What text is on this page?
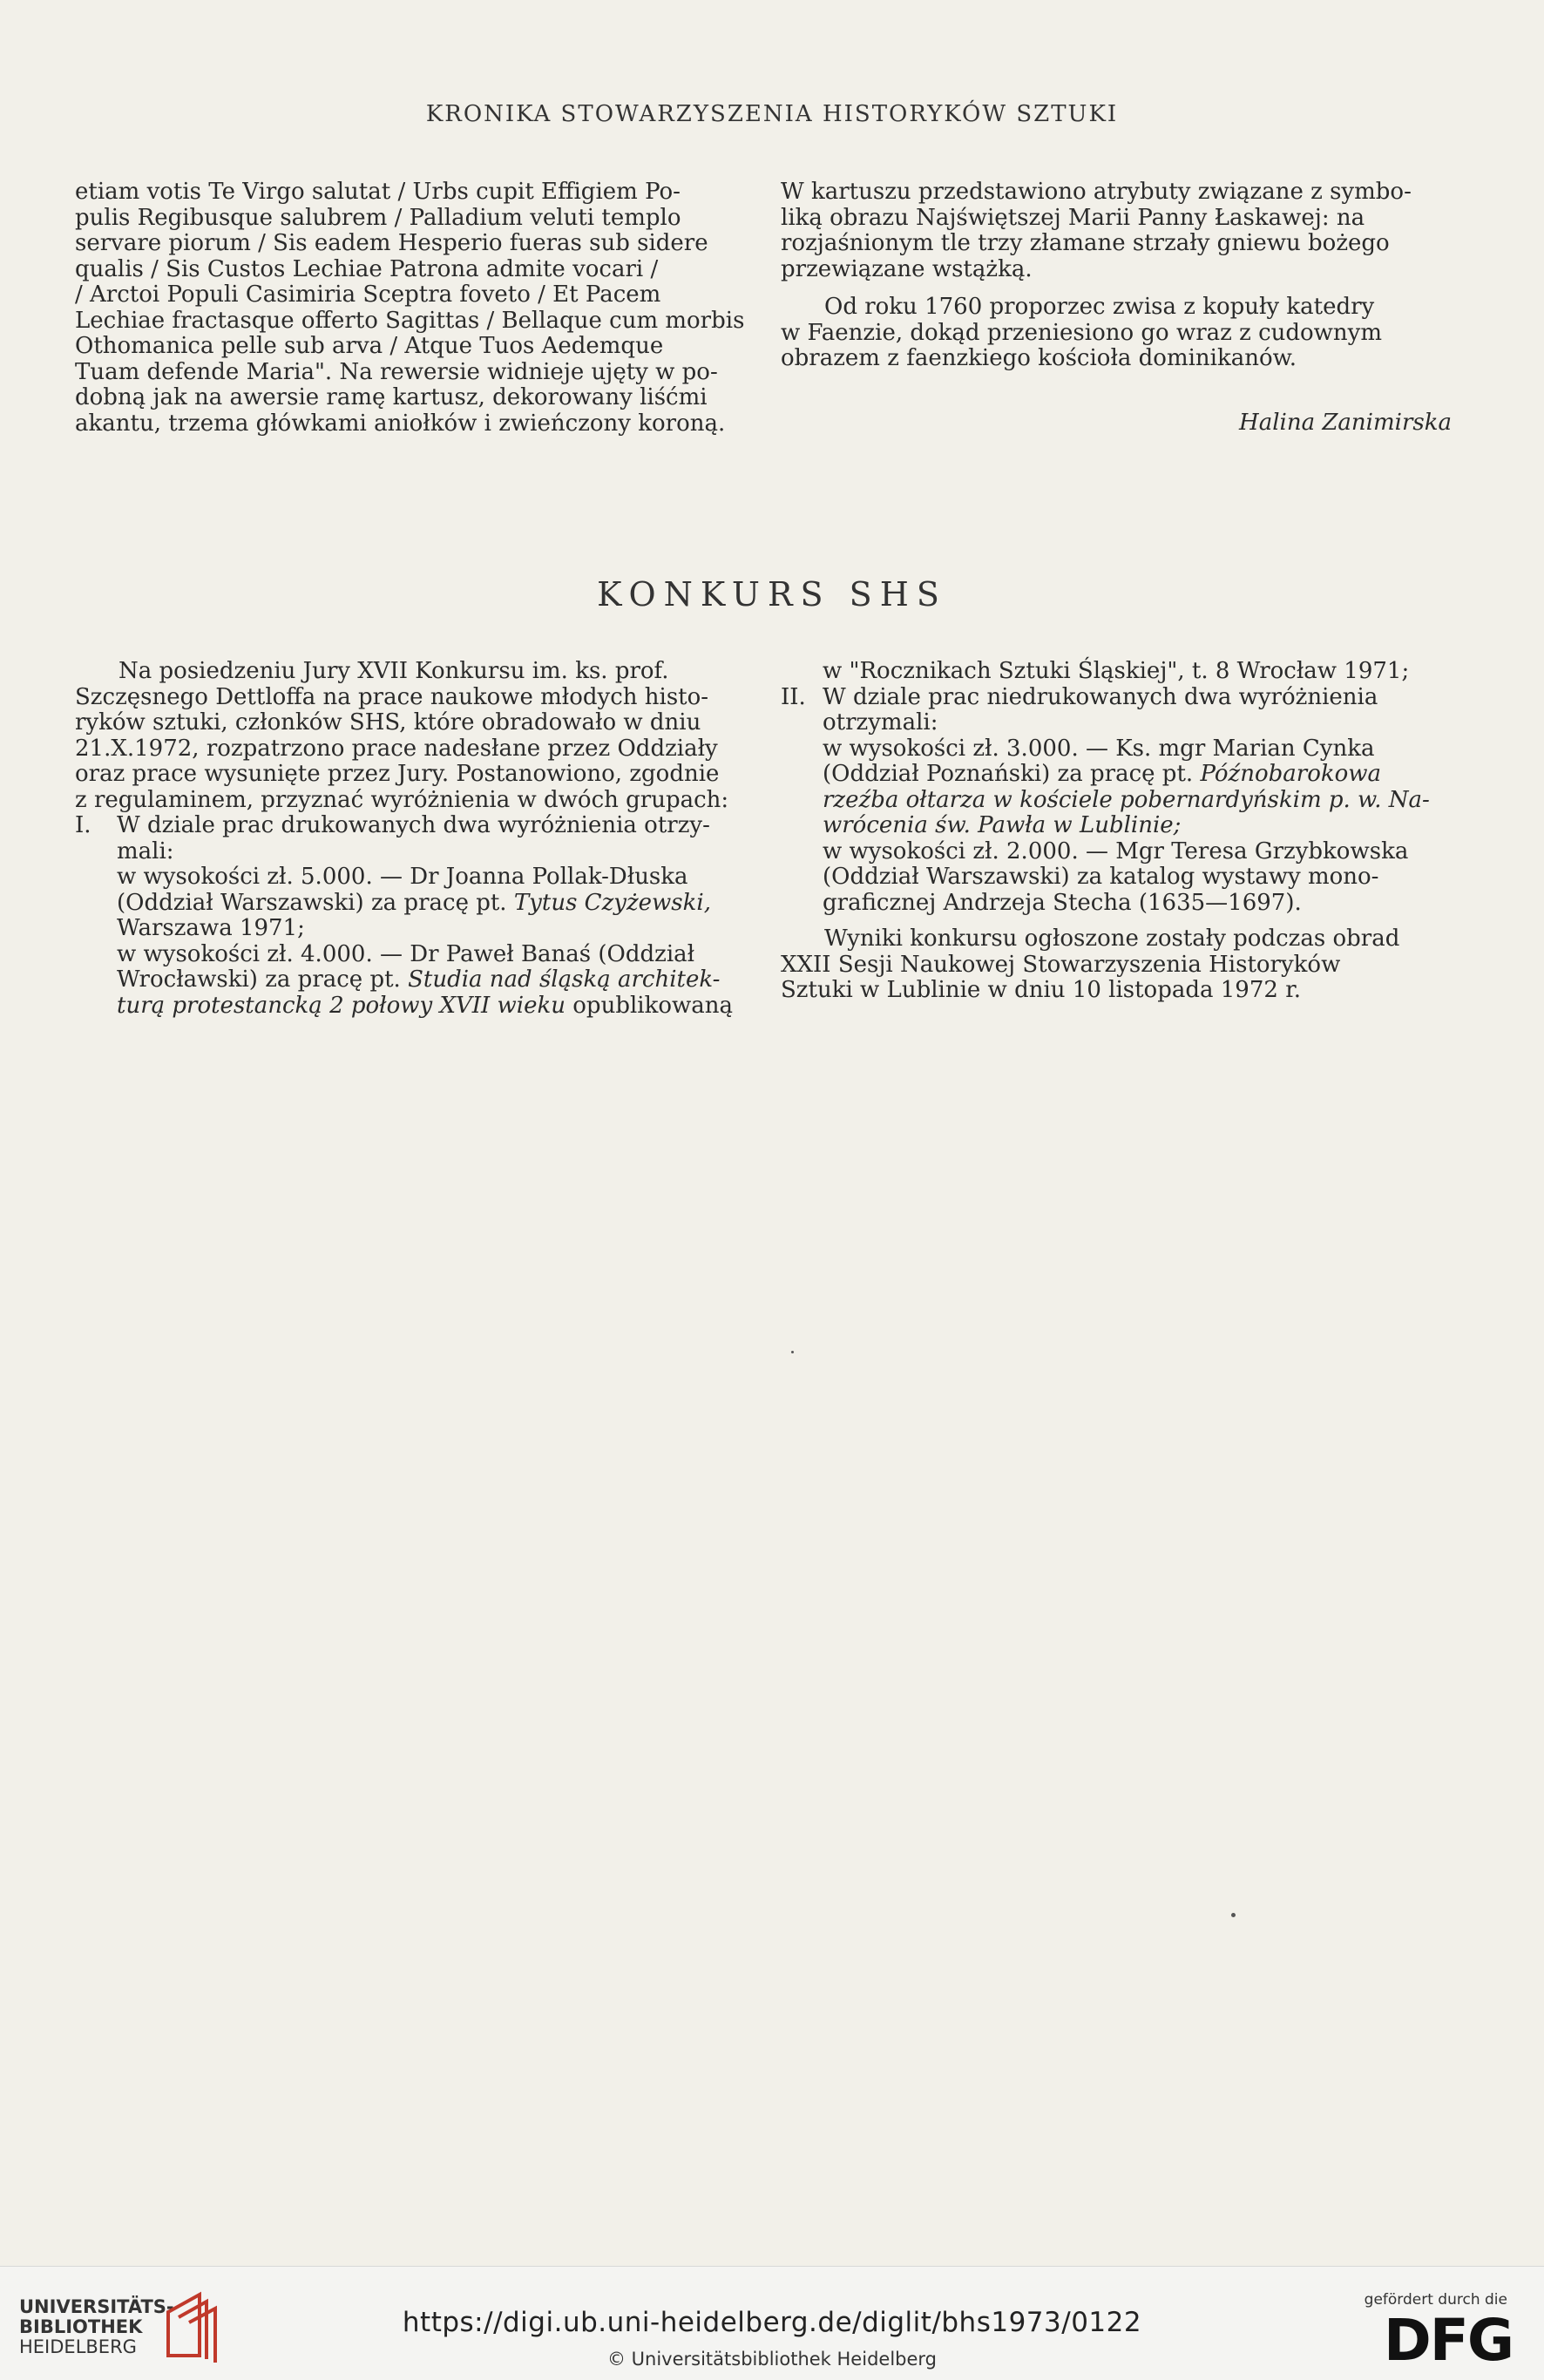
KRONIKA STOWARZYSZENIA HISTORYKÓW SZTUKI

etiam votis Te Virgo salutat / Urbs cupit Effigiem Po-
pulis Regibusque salubrem / Palladium veluti templo
servare piorum / Sis eadem Hesperio fueras sub sidere
qualis / Sis Custos Lechiae Patrona admite vocari /
/ Arctoi Populi Casimiria Sceptra foveto / Et Pacem
Lechiae fractasque offerto Sagittas / Bellaque cum morbis
Othomanica pelle sub arva / Atque Tuos Aedemque
Tuam defende Maria". Na rewersie widnieje ujęty w po-
dobną jak na awersie ramę kartusz, dekorowany liśćmi
akantu, trzema główkami aniołków i zwieńczony koroną.

W kartuszu przedstawiono atrybuty związane z symbo-
liką obrazu Najświętszej Marii Panny Łaskawej: na
rozjaśnionym tle trzy złamane strzały gniewu bożego
przewiązane wstążką.

Od roku 1760 proporzec zwisa z kopuły katedry
w Faenzie, dokąd przeniesiono go wraz z cudownym
obrazem z faenzkiego kościoła dominikanów.

Halina Zanimirska

KONKURS SHS

Na posiedzeniu Jury XVII Konkursu im. ks. prof.
Szczęsnego Dettloffa na prace naukowe młodych histo-
ryków sztuki, członków SHS, które obradowało w dniu
21.X.1972, rozpatrzono prace nadesłane przez Oddziały
oraz prace wysunięte przez Jury. Postanowiono, zgodnie
z regulaminem, przyznać wyróżnienia w dwóch grupach:

I. W dziale prac drukowanych dwa wyróżnienia otrzy-
mali:
w wysokości zł. 5.000. — Dr Joanna Pollak-Dłuska
(Oddział Warszawski) za pracę pt. Tytus Czyżewski,
Warszawa 1971;
w wysokości zł. 4.000. — Dr Paweł Banaś (Oddział
Wrocławski) za pracę pt. Studia nad śląską architek-
turą protestancką 2 połowy XVII wieku opublikowaną

w "Rocznikach Sztuki Śląskiej", t. 8 Wrocław 1971;
II. W dziale prac niedrukowanych dwa wyróżnienia
otrzymali:
w wysokości zł. 3.000. — Ks. mgr Marian Cynka
(Oddział Poznański) za pracę pt. Późnobarokowa
rzeźba ołtarza w kościele pobernardyńskim p. w. Na-
wrócenia św. Pawła w Lublinie;
w wysokości zł. 2.000. — Mgr Teresa Grzybkowska
(Oddział Warszawski) za katalog wystawy mono-
graficznej Andrzeja Stecha (1635—1697).

Wyniki konkursu ogłoszone zostały podczas obrad
XXII Sesji Naukowej Stowarzyszenia Historyków
Sztuki w Lublinie w dniu 10 listopada 1972 r.

UNIVERSITÄTS-
BIBLIOTHEK
HEIDELBERG
https://digi.ub.uni-heidelberg.de/diglit/bhs1973/0122
© Universitätsbibliothek Heidelberg
gefördert durch die
DFG
